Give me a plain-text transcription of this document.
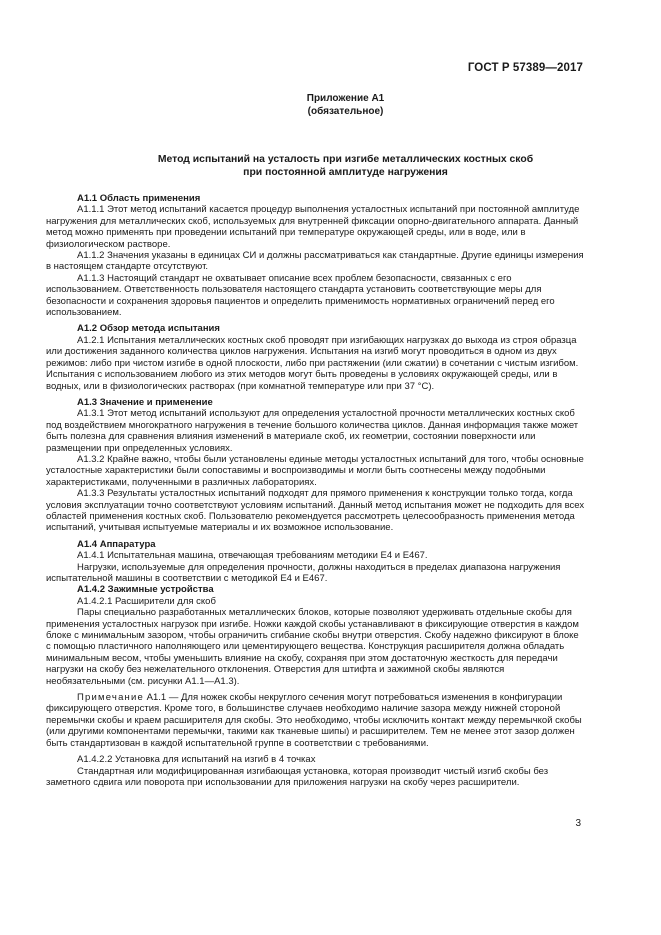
ГОСТ Р 57389—2017
Приложение А1
(обязательное)
Метод испытаний на усталость при изгибе металлических костных скоб
при постоянной амплитуде нагружения
А1.1 Область применения

А1.1.1 Этот метод испытаний касается процедур выполнения усталостных испытаний при постоянной амплитуде нагружения для металлических скоб, используемых для внутренней фиксации опорно-двигательного аппарата. Данный метод можно применять при проведении испытаний при температуре окружающей среды, или в воде, или в физиологическом растворе.

А1.1.2 Значения указаны в единицах СИ и должны рассматриваться как стандартные. Другие единицы измерения в настоящем стандарте отсутствуют.

А1.1.3 Настоящий стандарт не охватывает описание всех проблем безопасности, связанных с его использованием. Ответственность пользователя настоящего стандарта установить соответствующие меры для безопасности и сохранения здоровья пациентов и определить применимость нормативных ограничений перед его использованием.

А1.2 Обзор метода испытания

А1.2.1 Испытания металлических костных скоб проводят при изгибающих нагрузках до выхода из строя образца или достижения заданного количества циклов нагружения. Испытания на изгиб могут проводиться в одном из двух режимов: либо при чистом изгибе в одной плоскости, либо при растяжении (или сжатии) в сочетании с чистым изгибом. Испытания с использованием любого из этих методов могут быть проведены в условиях окружающей среды, или в водных, или в физиологических растворах (при комнатной температуре или при 37 °С).

А1.3 Значение и применение

А1.3.1 Этот метод испытаний используют для определения усталостной прочности металлических костных скоб под воздействием многократного нагружения в течение большого количества циклов. Данная информация также может быть полезна для сравнения влияния изменений в материале скоб, их геометрии, состоянии поверхности или размещении при определенных условиях.

А1.3.2 Крайне важно, чтобы были установлены единые методы усталостных испытаний для того, чтобы основные усталостные характеристики были сопоставимы и воспроизводимы и могли быть соотнесены между подобными характеристиками, полученными в различных лабораториях.

А1.3.3 Результаты усталостных испытаний подходят для прямого применения к конструкции только тогда, когда условия эксплуатации точно соответствуют условиям испытаний. Данный метод испытания может не подходить для всех областей применения костных скоб. Пользователю рекомендуется рассмотреть целесообразность применения метода испытаний, учитывая испытуемые материалы и их возможное использование.

А1.4 Аппаратура

А1.4.1 Испытательная машина, отвечающая требованиям методики Е4 и Е467.

Нагрузки, используемые для определения прочности, должны находиться в пределах диапазона нагружения испытательной машины в соответствии с методикой Е4 и Е467.

А1.4.2 Зажимные устройства

А1.4.2.1 Расширители для скоб

Пары специально разработанных металлических блоков, которые позволяют удерживать отдельные скобы для применения усталостных нагрузок при изгибе. Ножки каждой скобы устанавливают в фиксирующие отверстия в каждом блоке с минимальным зазором, чтобы ограничить сгибание скобы внутри отверстия. Скобу надежно фиксируют в блоке с помощью пластичного наполняющего или цементирующего вещества. Конструкция расширителя должна обладать минимальным весом, чтобы уменьшить влияние на скобу, сохраняя при этом достаточную жесткость для передачи нагрузки на скобу без нежелательного отклонения. Отверстия для штифта и зажимной скобы являются необязательными (см. рисунки А1.1—А1.3).

Примечание А1.1 — Для ножек скобы некруглого сечения могут потребоваться изменения в конфигурации фиксирующего отверстия. Кроме того, в большинстве случаев необходимо наличие зазора между нижней стороной перемычки скобы и краем расширителя для скобы. Это необходимо, чтобы исключить контакт между перемычкой скобы (или другими компонентами перемычки, такими как тканевые шипы) и расширителем. Тем не менее этот зазор должен быть стандартизован в каждой испытательной группе в соответствии с требованиями.

А1.4.2.2 Установка для испытаний на изгиб в 4 точках

Стандартная или модифицированная изгибающая установка, которая производит чистый изгиб скобы без заметного сдвига или поворота при использовании для приложения нагрузки на скобу через расширители.

3
